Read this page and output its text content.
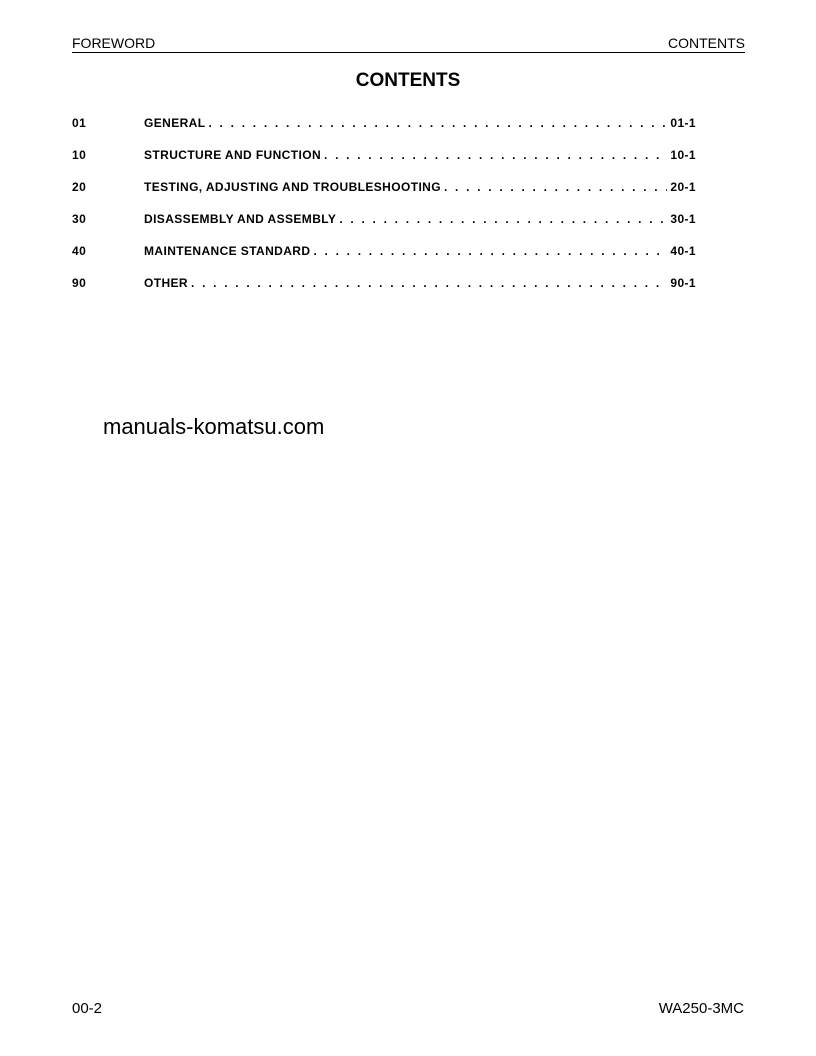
FOREWORD	CONTENTS
CONTENTS
01	GENERAL . . .	01-1
10	STRUCTURE AND FUNCTION . . .	10-1
20	TESTING, ADJUSTING AND TROUBLESHOOTING . . .	20-1
30	DISASSEMBLY AND ASSEMBLY . . .	30-1
40	MAINTENANCE STANDARD . . .	40-1
90	OTHER . . .	90-1
manuals-komatsu.com
00-2	WA250-3MC
